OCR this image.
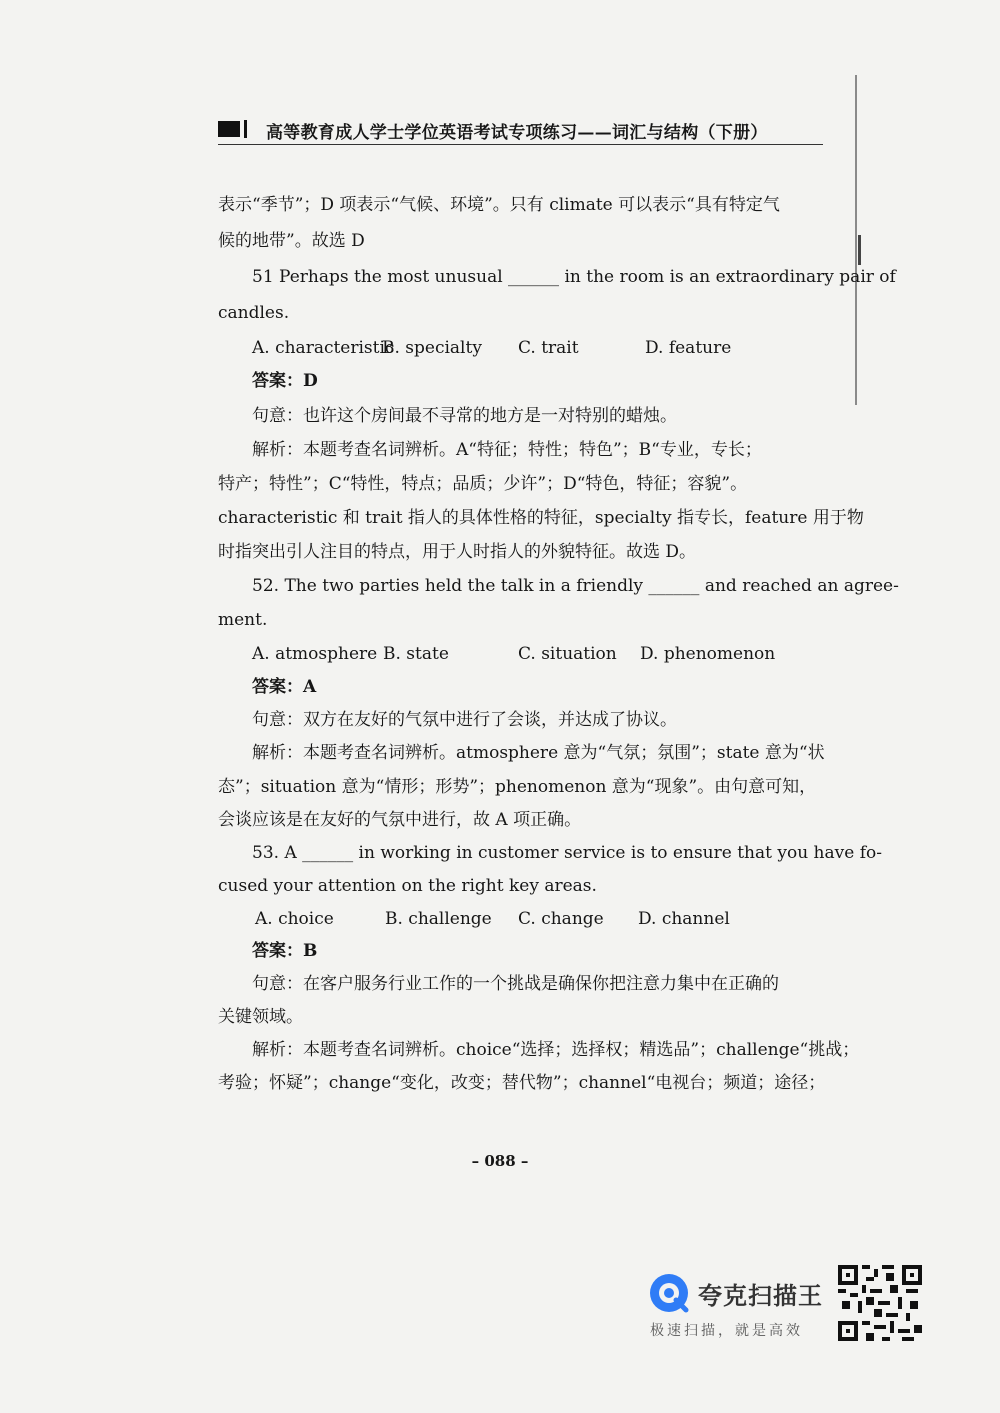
高等教育成人学士学位英语考试专项练习——词汇与结构（下册）
表示“季节”；D 项表示“气候、环境”。只有 climate 可以表示“具有特定气
候的地带”。故选 D
51 Perhaps the most unusual ______ in the room is an extraordinary pair of
candles.
A. characteristic
B. specialty C. trait	D. feature
答案：D
句意：也许这个房间最不寻常的地方是一对特别的蜡烛。
解析：本题考查名词辨析。A“特征；特性；特色”；B“专业，专长；
特产；特性”；C“特性，特点；品质；少许”；D“特色，特征；容貌”。
characteristic 和 trait 指人的具体性格的特征，specialty 指专长，feature 用于物
时指突出引人注目的特点，用于人时指人的外貌特征。故选 D。
52. The two parties held the talk in a friendly ______ and reached an agree-
ment.
A. atmosphere B. state	C. situation D. phenomenon
答案：A
句意：双方在友好的气氛中进行了会谈，并达成了协议。
解析：本题考查名词辨析。atmosphere 意为“气氛；氛围”；state 意为“状
态”；situation 意为“情形；形势”；phenomenon 意为“现象”。由句意可知，
会谈应该是在友好的气氛中进行，故 A 项正确。
53. A ______ in working in customer service is to ensure that you have fo-
cused your attention on the right key areas.
A. choice	B. challenge C. change D. channel
答案：B
句意：在客户服务行业工作的一个挑战是确保你把注意力集中在正确的
关键领域。
解析：本题考查名词辨析。choice“选择；选择权；精选品”；challenge“挑战；
考验；怀疑”；change“变化，改变；替代物”；channel“电视台；频道；途径；
– 088 –
夸克扫描王
极速扫描，就是高效
